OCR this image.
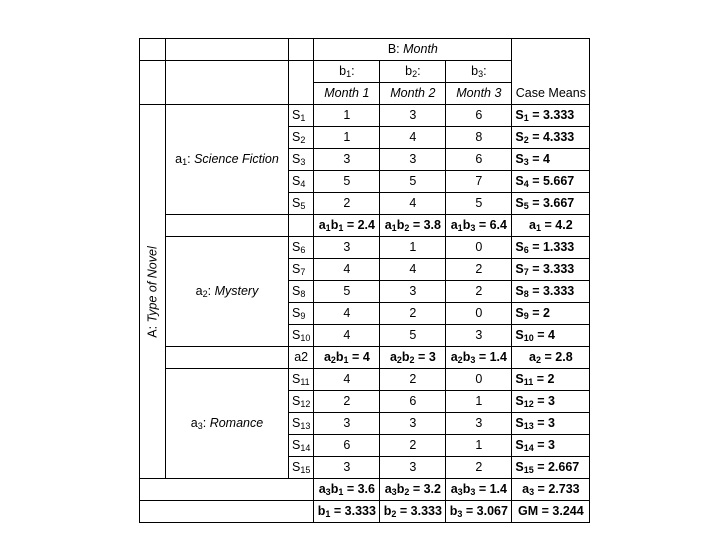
			B: Month			Case Means
			$b_1$:	$b_2$:	$b_3$:	
			Month 1	Month 2	Month 3	

A: Type of Novel	$a_1$: Science Fiction	$S_1$	1	3	6	$S_1 = 3.333$
		$S_2$	1	4	8	$S_2 = 4.333$
		$S_3$	3	3	6	$S_3 = 4$
		$S_4$	5	5	7	$S_4 = 5.667$
		$S_5$	2	4	5	$S_5 = 3.667$
			$a_1b_1 = 2.4$	$a_1b_2 = 3.8$	$a_1b_3 = 6.4$	$a_1 = 4.2$
	$a_2$: Mystery	$S_6$	3	1	0	$S_6 = 1.333$
		$S_7$	4	4	2	$S_7 = 3.333$
		$S_8$	5	3	2	$S_8 = 3.333$
		$S_9$	4	2	0	$S_9 = 2$
		$S_{10}$	4	5	3	$S_{10} = 4$
		a2	$a_2b_1 = 4$	$a_2b_2 = 3$	$a_2b_3 = 1.4$	$a_2 = 2.8$
	$a_3$: Romance	$S_{11}$	4	2	0	$S_{11} = 2$
		$S_{12}$	2	6	1	$S_{12} = 3$
		$S_{13}$	3	3	3	$S_{13} = 3$
		$S_{14}$	6	2	1	$S_{14} = 3$
		$S_{15}$	3	3	2	$S_{15} = 2.667$
			$a_3b_1 = 3.6$	$a_3b_2 = 3.2$	$a_3b_3 = 1.4$	$a_3 = 2.733$
			$b_1 = 3.333$	$b_2 = 3.333$	$b_3 = 3.067$	GM = 3.244
